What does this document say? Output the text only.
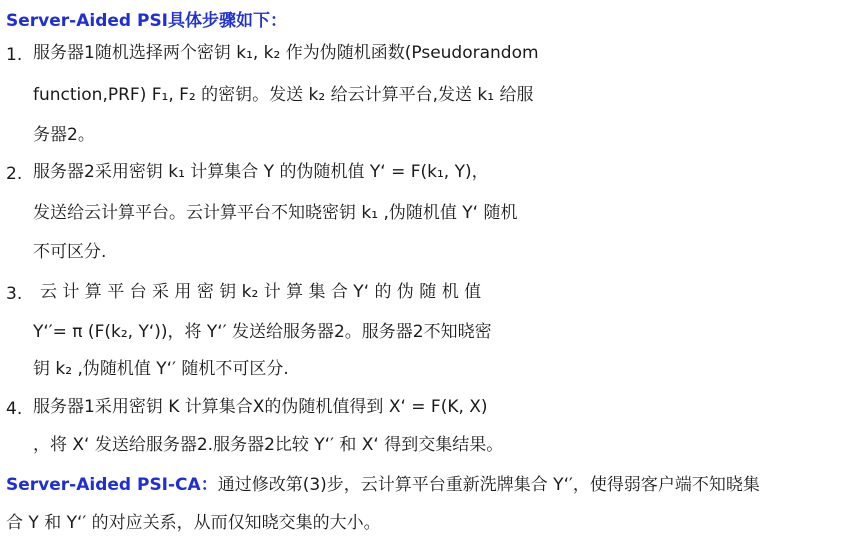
Server-Aided PSI具体步骤如下：
1. 服务器1随机选择两个密钥 k₁, k₂ 作为伪随机函数(Pseudorandom
function,PRF) F₁, F₂ 的密钥。发送 k₂ 给云计算平台,发送 k₁ 给服
务器2。
2. 服务器2采用密钥 k₁ 计算集合 Y 的伪随机值 Y‘ = F(k₁, Y)，
发送给云计算平台。云计算平台不知晓密钥 k₁ ,伪随机值 Y‘ 随机
不可区分.
3. 云 计 算 平 台 采 用 密 钥 k₂ 计 算 集 合 Y‘ 的 伪 随 机 值
Y‘′= π (F(k₂, Y‘))，将 Y‘′ 发送给服务器2。服务器2不知晓密
钥 k₂ ,伪随机值 Y‘′ 随机不可区分.
4. 服务器1采用密钥 K 计算集合X的伪随机值得到 X‘ = F(K, X)
，将 X‘ 发送给服务器2.服务器2比较 Y‘′ 和 X‘ 得到交集结果。
Server-Aided PSI-CA：通过修改第(3)步，云计算平台重新洗牌集合 Y‘′，使得弱客户端不知晓集
合 Y 和 Y‘′ 的对应关系，从而仅知晓交集的大小。
